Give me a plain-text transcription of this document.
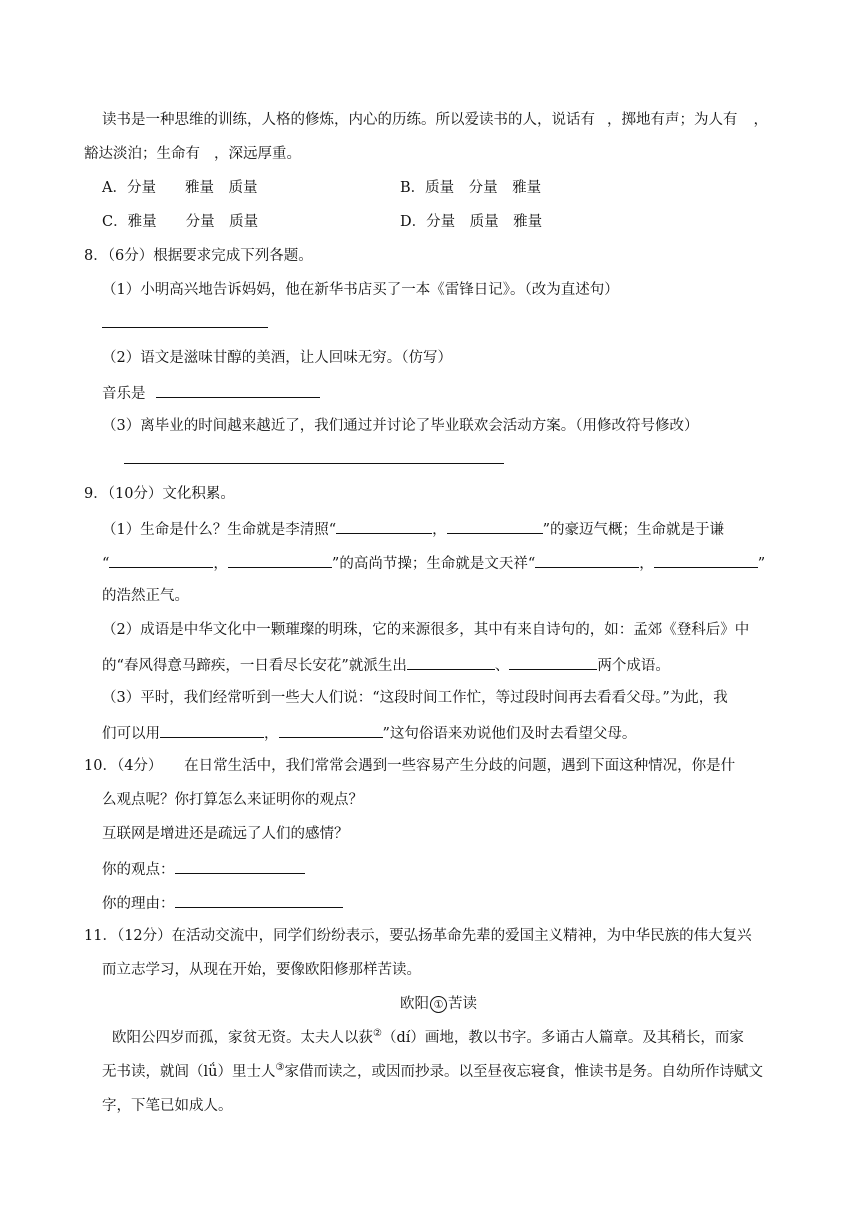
读书是一种思维的训练，人格的修炼，内心的历练。所以爱读书的人，说话有 ，掷地有声；为人有 ，
豁达淡泊；生命有 ，深远厚重。
A．分量　　雅量　质量	B．质量　分量　雅量
C．雅量　　分量　质量	D．分量　质量　雅量
8．（6分）根据要求完成下列各题。
（1）小明高兴地告诉妈妈，他在新华书店买了一本《雷锋日记》。（改为直述句）
（2）语文是滋味甘醇的美酒，让人回味无穷。（仿写）
音乐是
（3）离毕业的时间越来越近了，我们通过并讨论了毕业联欢会活动方案。（用修改符号修改）
9．（10分）文化积累。
（1）生命是什么？生命就是李清照“	，	”的豪迈气概；生命就是于谦
“	，	”的高尚节操；生命就是文天祥“	，	”
的浩然正气。
（2）成语是中华文化中一颗璀璨的明珠，它的来源很多，其中有来自诗句的，如：孟郊《登科后》中
的“春风得意马蹄疾，一日看尽长安花”就派生出	、	两个成语。
（3）平时，我们经常听到一些大人们说：“这段时间工作忙，等过段时间再去看看父母。”为此，我
们可以用	，	”这句俗语来劝说他们及时去看望父母。
10．（4分）　　在日常生活中，我们常常会遇到一些容易产生分歧的问题，遇到下面这种情况，你是什
么观点呢？你打算怎么来证明你的观点？
互联网是增进还是疏远了人们的感情？
你的观点：
你的理由：
11．（12分）在活动交流中，同学们纷纷表示，要弘扬革命先辈的爱国主义精神，为中华民族的伟大复兴
而立志学习，从现在开始，要像欧阳修那样苦读。
欧阳 ① 苦读
欧阳公四岁而孤，家贫无资。太夫人以荻②（dí）画地，教以书字。多诵古人篇章。及其稍长，而家
无书读，就闾（lǘ）里士人③家借而读之，或因而抄录。以至昼夜忘寝食，惟读书是务。自幼所作诗赋文
字，下笔已如成人。
